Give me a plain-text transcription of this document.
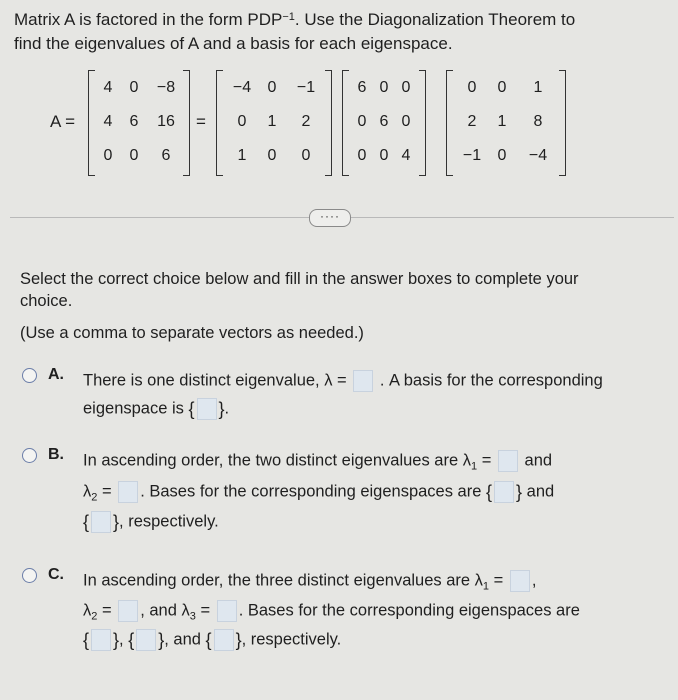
Matrix A is factored in the form $PDP^{-1}$. Use the Diagonalization Theorem to
find the eigenvalues of A and a basis for each eigenspace.
A =
4	0	−8
4	6	16
0	0	6
=
−4	0	−1
0	1	2
1	0	0
6 0 0
0 6 0
0 0 4
0	0	1
2	1	8
−1	0	−4
····
Select the correct choice below and fill in the answer boxes to complete your
choice.
(Use a comma to separate vectors as needed.)
A. There is one distinct eigenvalue, λ = . A basis for the corresponding
eigenspace is { }.
B. In ascending order, the two distinct eigenvalues are $\lambda_1$ = and
$\lambda_2$ = . Bases for the corresponding eigenspaces are { } and
{ }, respectively.
C. In ascending order, the three distinct eigenvalues are $\lambda_1$ = ,
$\lambda_2$ = , and $\lambda_3$ = . Bases for the corresponding eigenspaces are
{ }, { }, and { }, respectively.
